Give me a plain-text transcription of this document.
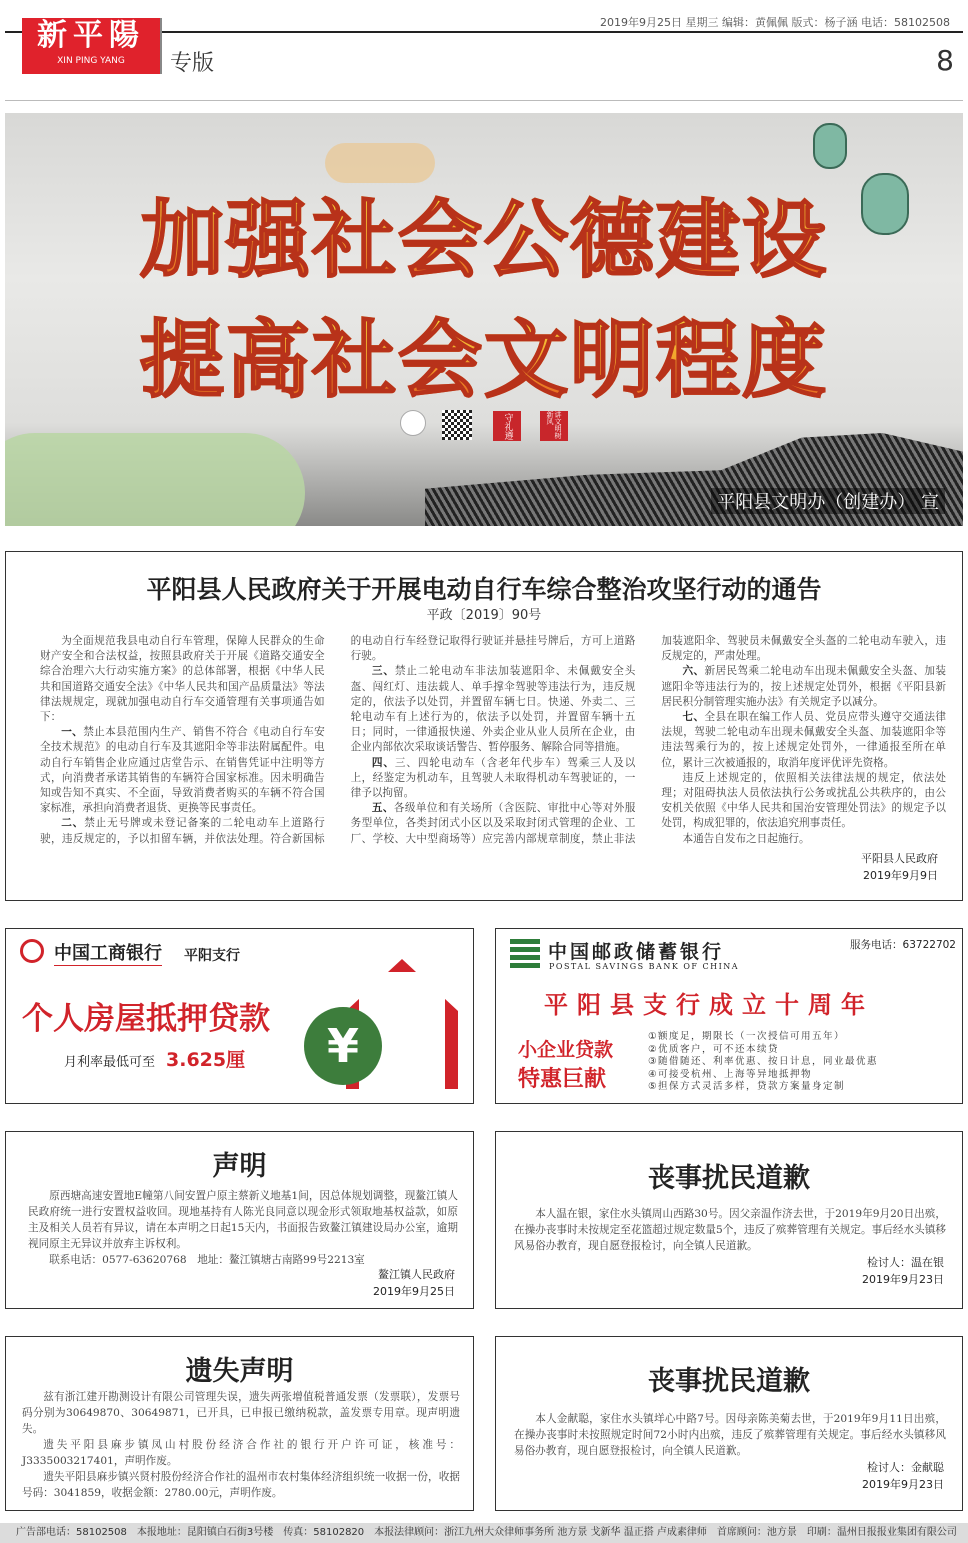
2019年9月25日 星期三 编辑：黄佩佩 版式：杨子涵 电话：58102508
新平陽
XIN PING YANG	专版	8
加强社会公德建设
提高社会文明程度
守礼遵	讲文明树新风
平阳县文明办（创建办） 宣
平阳县人民政府关于开展电动自行车综合整治攻坚行动的通告
平政〔2019〕90号

为全面规范我县电动自行车管理，保障人民群众的生命财产安全和合法权益，按照县政府关于开展《道路交通安全综合治理六大行动实施方案》的总体部署，根据《中华人民共和国道路交通安全法》《中华人民共和国产品质量法》等法律法规规定，现就加强电动自行车交通管理有关事项通告如下：

一、禁止本县范围内生产、销售不符合《电动自行车安全技术规范》的电动自行车及其遮阳伞等非法附属配件。电动自行车销售企业应通过店堂告示、在销售凭证中注明等方式，向消费者承诺其销售的车辆符合国家标准。因未明确告知或告知不真实、不全面，导致消费者购买的车辆不符合国家标准，承担向消费者退货、更换等民事责任。

二、禁止无号牌或未登记备案的二轮电动车上道路行驶，违反规定的，予以扣留车辆，并依法处理。符合新国标的电动自行车经登记取得行驶证并悬挂号牌后，方可上道路行驶。

三、禁止二轮电动车非法加装遮阳伞、未佩戴安全头盔、闯红灯、违法载人、单手撑伞驾驶等违法行为，违反规定的，依法予以处罚，并置留车辆七日。快递、外卖二、三轮电动车有上述行为的，依法予以处罚，并置留车辆十五日；同时，一律通报快递、外卖企业从业人员所在企业，由企业内部依次采取谈话警告、暂停服务、解除合同等措施。

四、三、四轮电动车（含老年代步车）驾乘三人及以上，经鉴定为机动车，且驾驶人未取得机动车驾驶证的，一律予以拘留。

五、各级单位和有关场所（含医院、审批中心等对外服务型单位，各类封闭式小区以及采取封闭式管理的企业、工厂、学校、大中型商场等）应完善内部规章制度，禁止非法加装遮阳伞、驾驶员未佩戴安全头盔的二轮电动车驶入，违反规定的，严肃处理。

六、新居民驾乘二轮电动车出现未佩戴安全头盔、加装遮阳伞等违法行为的，按上述规定处罚外，根据《平阳县新居民积分制管理实施办法》有关规定予以减分。

七、全县在职在编工作人员、党员应带头遵守交通法律法规，驾驶二轮电动车出现未佩戴安全头盔、加装遮阳伞等违法驾乘行为的，按上述规定处罚外，一律通报至所在单位，累计三次被通报的，取消年度评优评先资格。

违反上述规定的，依照相关法律法规的规定，依法处理；对阻碍执法人员依法执行公务或扰乱公共秩序的，由公安机关依照《中华人民共和国治安管理处罚法》的规定予以处罚，构成犯罪的，依法追究刑事责任。

本通告自发布之日起施行。

平阳县人民政府
2019年9月9日
中国工商银行 平阳支行
个人房屋抵押贷款
月利率最低可至 3.625厘	¥
中国邮政储蓄银行
POSTAL SAVINGS BANK OF CHINA
服务电话：63722702
平阳县支行成立十周年
小企业贷款
特惠巨献
①额度足，期限长（一次授信可用五年）
②优质客户，可不还本续贷
③随借随还、利率优惠、按日计息，同业最优惠
④可接受杭州、上海等异地抵押物
⑤担保方式灵活多样，贷款方案量身定制
声明

原西塘高速安置地E幢第八间安置户原主蔡新义地基1间，因总体规划调整，现鳌江镇人民政府统一进行安置权益收回。现地基持有人陈光良同意以现金形式领取地基权益款，如原主及相关人员若有异议，请在本声明之日起15天内，书面报告致鳌江镇建设局办公室，逾期视同原主无异议并放弃主诉权利。

联系电话：0577-63620768　地址：鳌江镇塘古南路99号2213室

鳌江镇人民政府
2019年9月25日
丧事扰民道歉

本人温在银，家住水头镇周山西路30号。因父亲温作济去世，于2019年9月20日出殡，在操办丧事时未按规定至花篮超过规定数量5个，违反了殡葬管理有关规定。事后经水头镇移风易俗办教育，现自愿登报检讨，向全镇人民道歉。

检讨人：温在银
2019年9月23日
遗失声明

兹有浙江建开勘测设计有限公司管理失误，遗失两张增值税普通发票（发票联），发票号码分别为30649870、30649871，已开具，已申报已缴纳税款，盖发票专用章。现声明遗失。

遗失平阳县麻步镇凤山村股份经济合作社的银行开户许可证，核准号：J3335003217401，声明作废。

遗失平阳县麻步镇兴贤村股份经济合作社的温州市农村集体经济组织统一收据一份，收据号码：3041859，收据金额：2780.00元，声明作废。

丧事扰民道歉

本人金献聪，家住水头镇垟心中路7号。因母亲陈美菊去世，于2019年9月11日出殡，在操办丧事时未按照规定时间72小时内出殡，违反了殡葬管理有关规定。事后经水头镇移风易俗办教育，现自愿登报检讨，向全镇人民道歉。

检讨人：金献聪
2019年9月23日
广告部电话：58102508　本报地址：昆阳镇白石街3号楼　传真：58102820　本报法律顾问：浙江九州大众律师事务所 池方景 戈新华 温正搭 卢成素律师　首席顾问：池方景　印刷：温州日报报业集团有限公司
